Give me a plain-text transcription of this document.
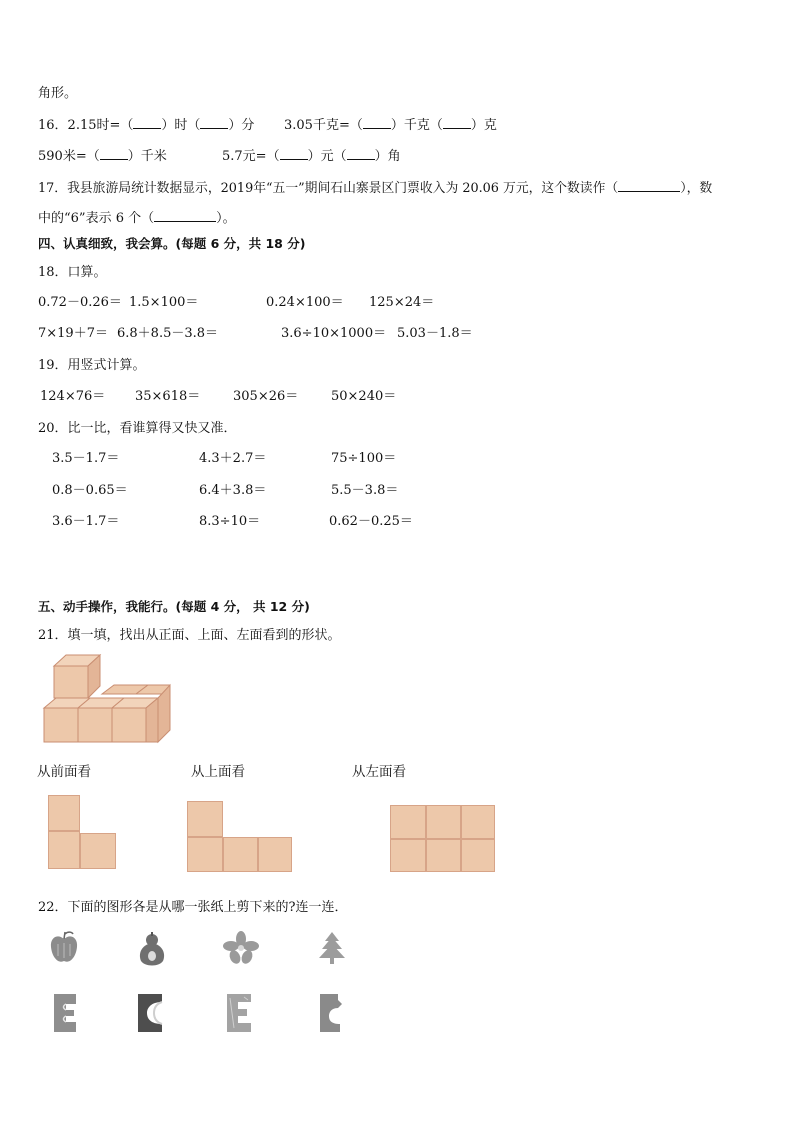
角形。
16．2.15时=（ ）时（ ）分 3.05千克=（ ）千克（ ）克
590米=（ ）千米	5.7元=（ ）元（ ）角
17．我县旅游局统计数据显示，2019年“五一”期间石山寨景区门票收入为 20.06 万元，这个数读作（	），数
中的“6”表示 6 个（	）。
四、认真细致，我会算。(每题 6 分，共 18 分)
18．口算。
0.72－0.26＝ 1.5×100＝	0.24×100＝ 125×24＝
7×19＋7＝ 6.8＋8.5－3.8＝	3.6÷10×1000＝ 5.03－1.8＝
19．用竖式计算。
124×76＝ 35×618＝	305×26＝	50×240＝
20．比一比，看谁算得又快又准．
3.5－1.7＝	4.3＋2.7＝	75÷100＝
0.8－0.65＝	6.4＋3.8＝	5.5－3.8＝
3.6－1.7＝	8.3÷10＝	0.62－0.25＝
五、动手操作，我能行。(每题 4 分， 共 12 分)
21．填一填，找出从正面、上面、左面看到的形状。
从前面看	从上面看	从左面看
22．下面的图形各是从哪一张纸上剪下来的?连一连．
